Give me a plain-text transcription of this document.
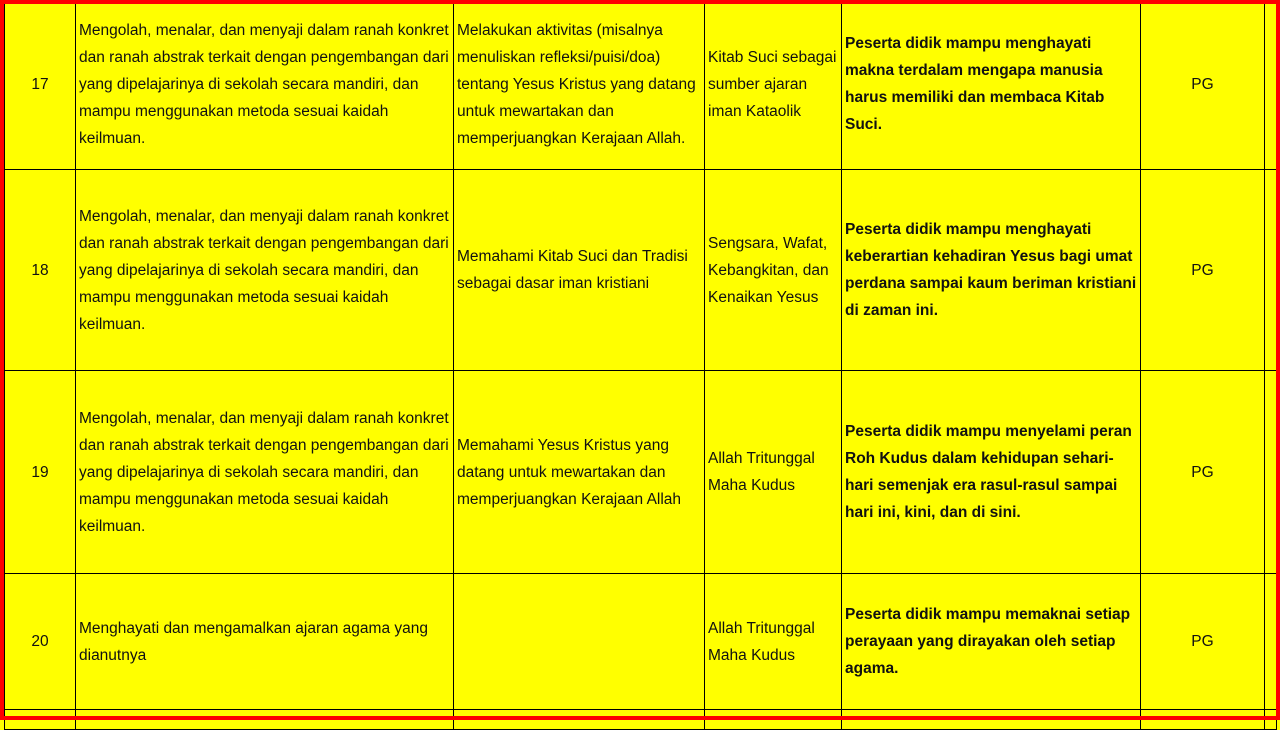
17	Mengolah, menalar, dan menyaji dalam ranah konkret dan ranah abstrak terkait dengan pengembangan dari yang dipelajarinya di sekolah secara mandiri, dan mampu menggunakan metoda sesuai kaidah keilmuan.	Melakukan aktivitas (misalnya menuliskan refleksi/puisi/doa) tentang Yesus Kristus yang datang untuk mewartakan dan memperjuangkan Kerajaan Allah.	Kitab Suci sebagai sumber ajaran iman Kataolik	Peserta didik mampu menghayati makna terdalam mengapa manusia harus memiliki dan membaca Kitab Suci.	PG	
18	Mengolah, menalar, dan menyaji dalam ranah konkret dan ranah abstrak terkait dengan pengembangan dari yang dipelajarinya di sekolah secara mandiri, dan mampu menggunakan metoda sesuai kaidah keilmuan.	Memahami Kitab Suci dan Tradisi sebagai dasar iman kristiani	Sengsara, Wafat, Kebangkitan, dan Kenaikan Yesus	Peserta didik mampu menghayati keberartian kehadiran Yesus bagi umat perdana sampai kaum beriman kristiani di zaman ini.	PG	
19	Mengolah, menalar, dan menyaji dalam ranah konkret dan ranah abstrak terkait dengan pengembangan dari yang dipelajarinya di sekolah secara mandiri, dan mampu menggunakan metoda sesuai kaidah keilmuan.	Memahami Yesus Kristus yang datang untuk mewartakan dan memperjuangkan Kerajaan Allah	Allah Tritunggal Maha Kudus	Peserta didik mampu menyelami peran Roh Kudus dalam kehidupan sehari-hari semenjak era rasul-rasul sampai hari ini, kini, dan di sini.	PG	
20	Menghayati dan mengamalkan ajaran agama yang dianutnya		Allah Tritunggal Maha Kudus	Peserta didik mampu memaknai setiap perayaan yang dirayakan oleh setiap agama.	PG	
